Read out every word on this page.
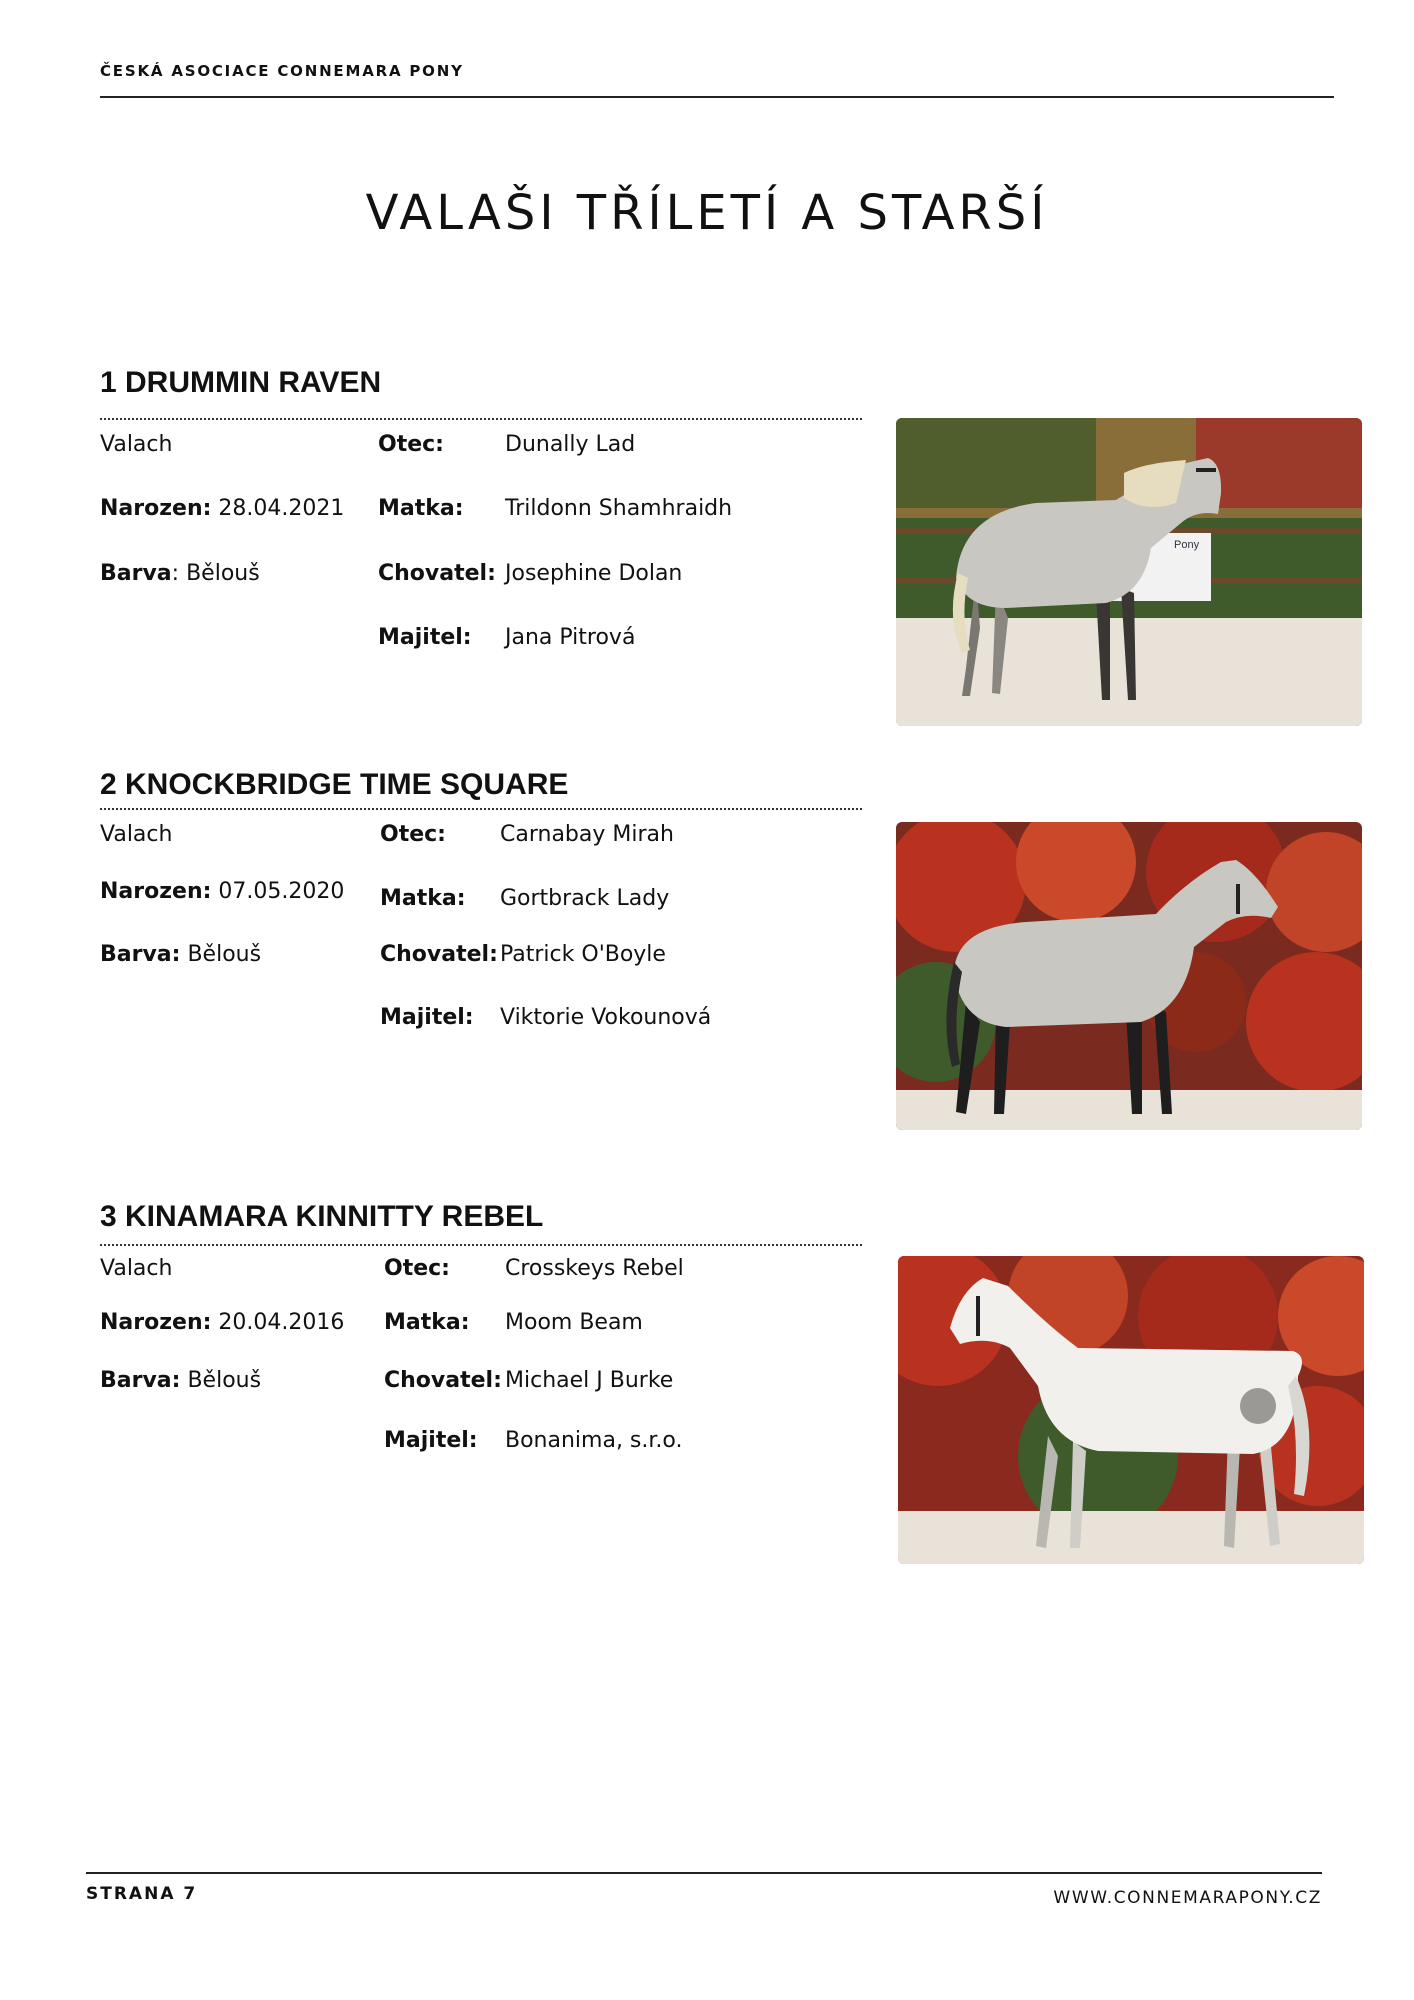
ČESKÁ ASOCIACE CONNEMARA PONY
VALAŠI TŘÍLETÍ A STARŠÍ
1 DRUMMIN RAVEN
Valach
Narozen: 28.04.2021
Barva: Bělouš
Otec:	Dunally Lad
Matka: Trildonn Shamhraidh
Chovatel: Josephine Dolan
Majitel: Jana Pitrová
Pony
2 KNOCKBRIDGE TIME SQUARE
Valach
Narozen: 07.05.2020
Barva: Bělouš
Otec: Carnabay Mirah
Matka: Gortbrack Lady
Chovatel: Patrick O'Boyle
Majitel: Viktorie Vokounová
3 KINAMARA KINNITTY REBEL
Valach
Narozen: 20.04.2016
Barva: Bělouš
Otec:	Crosskeys Rebel
Matka: Moom Beam
Chovatel: Michael J Burke
Majitel: Bonanima, s.r.o.
STRANA 7	WWW.CONNEMARAPONY.CZ
